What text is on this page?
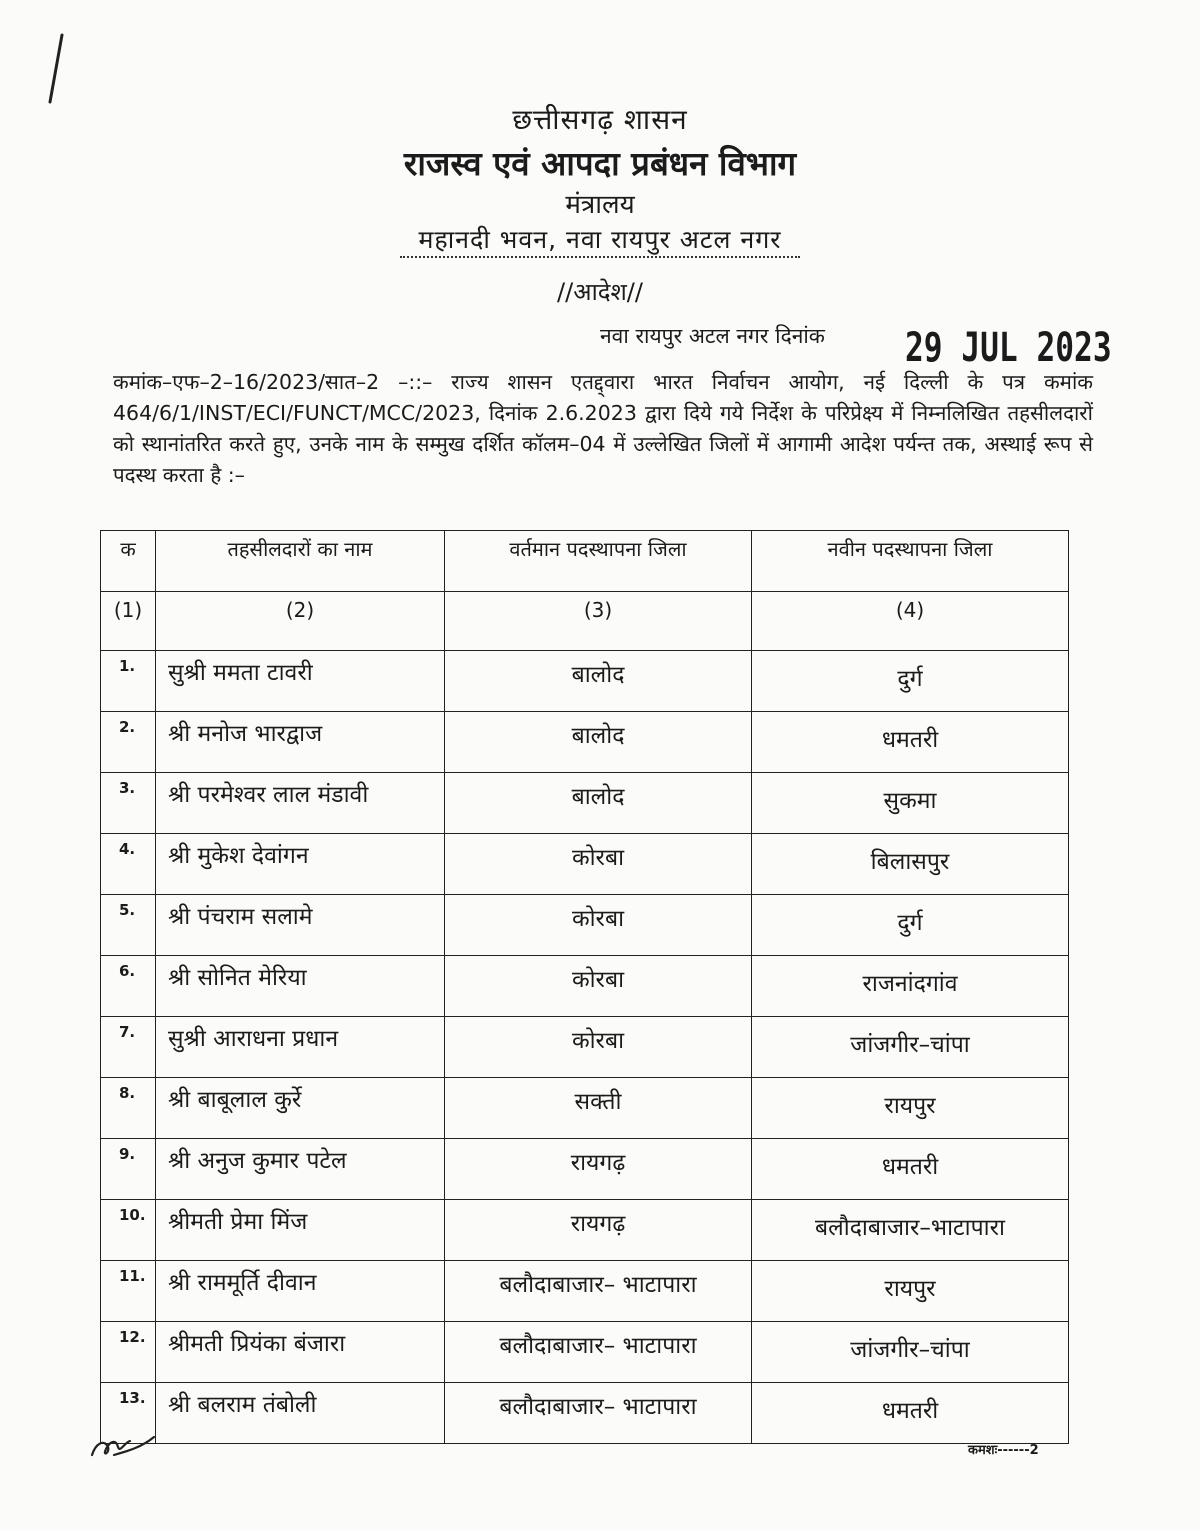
छत्तीसगढ़ शासन
राजस्व एवं आपदा प्रबंधन विभाग
मंत्रालय
महानदी भवन, नवा रायपुर अटल नगर
//आदेश//
नवा रायपुर अटल नगर दिनांक 29 JUL 2023
कमांक–एफ–2–16/2023/सात–2 –::– राज्य शासन एतद्द्वारा भारत निर्वाचन आयोग, नई दिल्ली के पत्र कमांक 464/6/1/INST/ECI/FUNCT/MCC/2023, दिनांक 2.6.2023 द्वारा दिये गये निर्देश के परिप्रेक्ष्य में निम्नलिखित तहसीलदारों को स्थानांतरित करते हुए, उनके नाम के सम्मुख दर्शित कॉलम–04 में उल्लेखित जिलों में आगामी आदेश पर्यन्त तक, अस्थाई रूप से पदस्थ करता है :–
क	तहसीलदारों का नाम	वर्तमान पदस्थापना जिला	नवीन पदस्थापना जिला
(1)	(2)	(3)	(4)
1.	सुश्री ममता टावरी	बालोद	दुर्ग
2.	श्री मनोज भारद्वाज	बालोद	धमतरी
3.	श्री परमेश्वर लाल मंडावी	बालोद	सुकमा
4.	श्री मुकेश देवांगन	कोरबा	बिलासपुर
5.	श्री पंचराम सलामे	कोरबा	दुर्ग
6.	श्री सोनित मेरिया	कोरबा	राजनांदगांव
7.	सुश्री आराधना प्रधान	कोरबा	जांजगीर–चांपा
8.	श्री बाबूलाल कुर्रे	सक्ती	रायपुर
9.	श्री अनुज कुमार पटेल	रायगढ़	धमतरी
10.	श्रीमती प्रेमा मिंज	रायगढ़	बलौदाबाजार–भाटापारा
11.	श्री राममूर्ति दीवान	बलौदाबाजार– भाटापारा	रायपुर
12.	श्रीमती प्रियंका बंजारा	बलौदाबाजार– भाटापारा	जांजगीर–चांपा
13.	श्री बलराम तंबोली	बलौदाबाजार– भाटापारा	धमतरी
कमशः------2
